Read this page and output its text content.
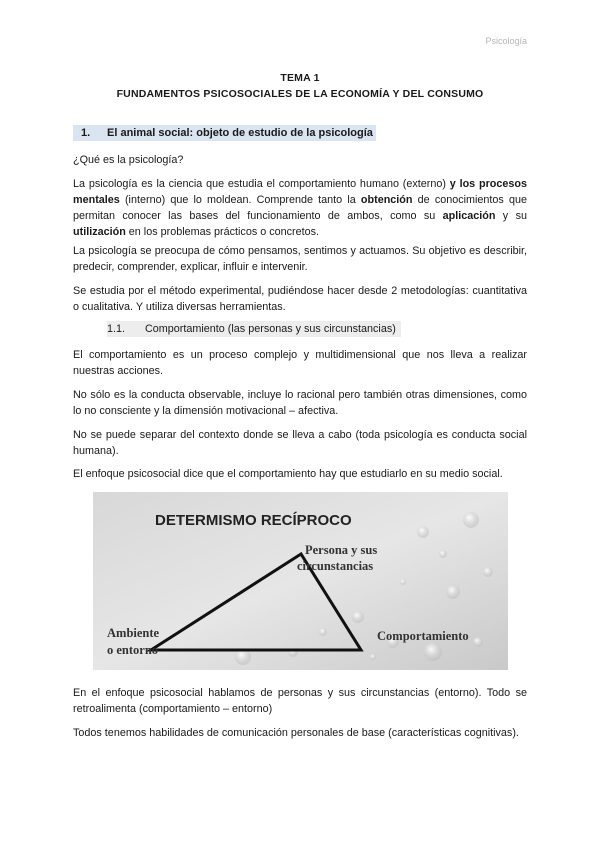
Psicología
TEMA 1
FUNDAMENTOS PSICOSOCIALES DE LA ECONOMÍA Y DEL CONSUMO
1. El animal social: objeto de estudio de la psicología
¿Qué es la psicología?
La psicología es la ciencia que estudia el comportamiento humano (externo) y los procesos mentales (interno) que lo moldean. Comprende tanto la obtención de conocimientos que permitan conocer las bases del funcionamiento de ambos, como su aplicación y su utilización en los problemas prácticos o concretos.
La psicología se preocupa de cómo pensamos, sentimos y actuamos. Su objetivo es describir, predecir, comprender, explicar, influir e intervenir.
Se estudia por el método experimental, pudiéndose hacer desde 2 metodologías: cuantitativa o cualitativa. Y utiliza diversas herramientas.
1.1. Comportamiento (las personas y sus circunstancias)
El comportamiento es un proceso complejo y multidimensional que nos lleva a realizar nuestras acciones.
No sólo es la conducta observable, incluye lo racional pero también otras dimensiones, como lo no consciente y la dimensión motivacional – afectiva.
No se puede separar del contexto donde se lleva a cabo (toda psicología es conducta social humana).
El enfoque psicosocial dice que el comportamiento hay que estudiarlo en su medio social.
DETERMISMO RECÍPROCO
Persona y sus
circunstancias
Ambiente
o entorno
Comportamiento
En el enfoque psicosocial hablamos de personas y sus circunstancias (entorno). Todo se retroalimenta (comportamiento – entorno)
Todos tenemos habilidades de comunicación personales de base (características cognitivas).
